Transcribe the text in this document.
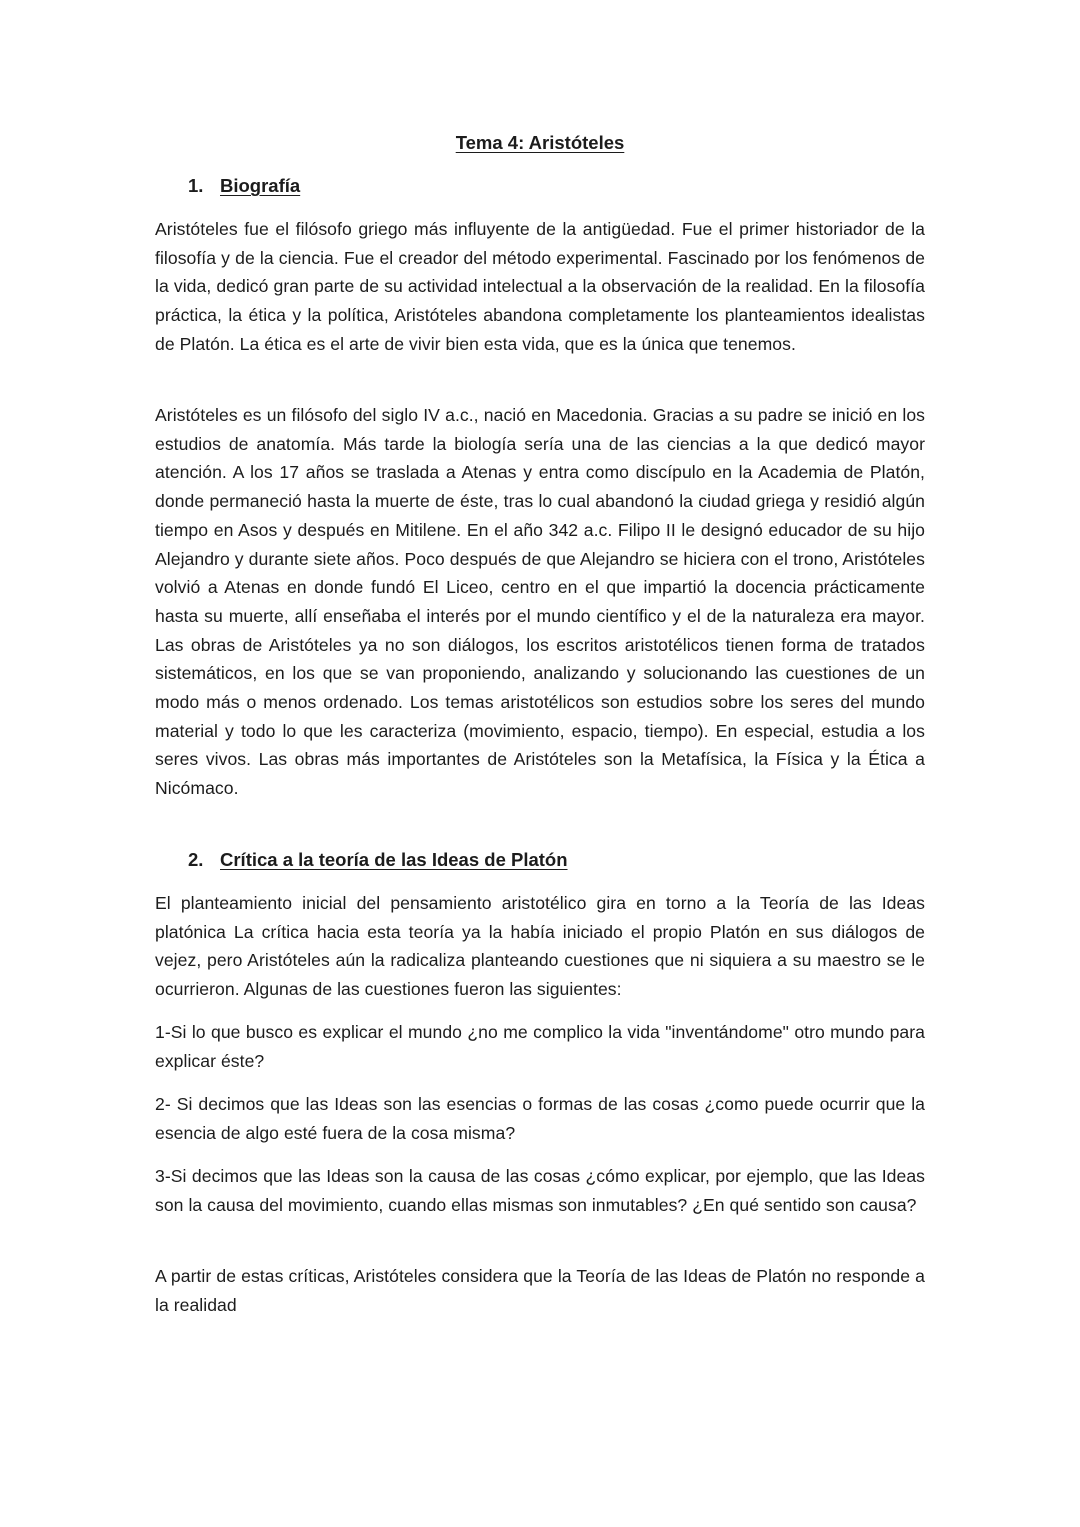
Tema 4: Aristóteles
1. Biografía

Aristóteles fue el filósofo griego más influyente de la antigüedad. Fue el primer historiador de la filosofía y de la ciencia. Fue el creador del método experimental. Fascinado por los fenómenos de la vida, dedicó gran parte de su actividad intelectual a la observación de la realidad. En la filosofía práctica, la ética y la política, Aristóteles abandona completamente los planteamientos idealistas de Platón. La ética es el arte de vivir bien esta vida, que es la única que tenemos.

Aristóteles es un filósofo del siglo IV a.c., nació en Macedonia. Gracias a su padre se inició en los estudios de anatomía. Más tarde la biología sería una de las ciencias a la que dedicó mayor atención. A los 17 años se traslada a Atenas y entra como discípulo en la Academia de Platón, donde permaneció hasta la muerte de éste, tras lo cual abandonó la ciudad griega y residió algún tiempo en Asos y después en Mitilene. En el año 342 a.c. Filipo II le designó educador de su hijo Alejandro y durante siete años. Poco después de que Alejandro se hiciera con el trono, Aristóteles volvió a Atenas en donde fundó El Liceo, centro en el que impartió la docencia prácticamente hasta su muerte, allí enseñaba el interés por el mundo científico y el de la naturaleza era mayor. Las obras de Aristóteles ya no son diálogos, los escritos aristotélicos tienen forma de tratados sistemáticos, en los que se van proponiendo, analizando y solucionando las cuestiones de un modo más o menos ordenado. Los temas aristotélicos son estudios sobre los seres del mundo material y todo lo que les caracteriza (movimiento, espacio, tiempo). En especial, estudia a los seres vivos. Las obras más importantes de Aristóteles son la Metafísica, la Física y la Ética a Nicómaco.

2. Crítica a la teoría de las Ideas de Platón

El planteamiento inicial del pensamiento aristotélico gira en torno a la Teoría de las Ideas platónica La crítica hacia esta teoría ya la había iniciado el propio Platón en sus diálogos de vejez, pero Aristóteles aún la radicaliza planteando cuestiones que ni siquiera a su maestro se le ocurrieron. Algunas de las cuestiones fueron las siguientes:

1-Si lo que busco es explicar el mundo ¿no me complico la vida "inventándome" otro mundo para explicar éste?

2- Si decimos que las Ideas son las esencias o formas de las cosas ¿como puede ocurrir que la esencia de algo esté fuera de la cosa misma?

3-Si decimos que las Ideas son la causa de las cosas ¿cómo explicar, por ejemplo, que las Ideas son la causa del movimiento, cuando ellas mismas son inmutables? ¿En qué sentido son causa?

A partir de estas críticas, Aristóteles considera que la Teoría de las Ideas de Platón no responde a la realidad
